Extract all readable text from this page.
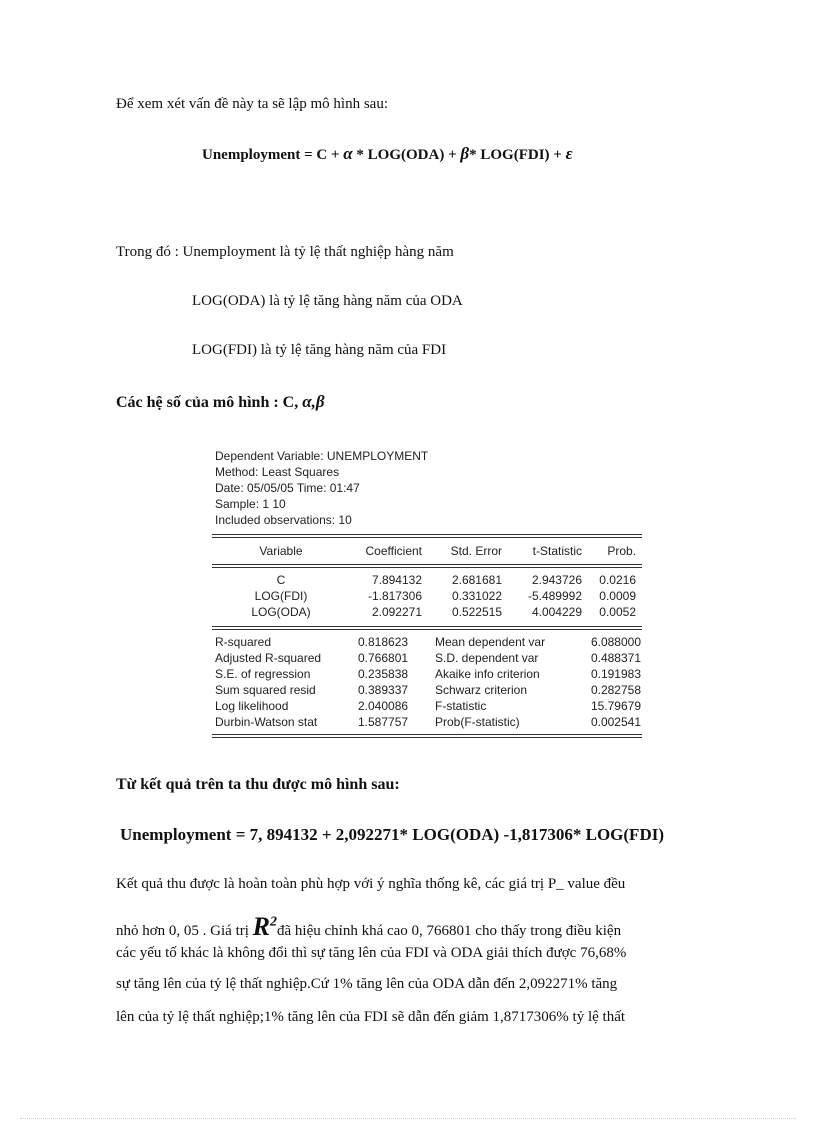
Để xem xét vấn đề này ta sẽ lập mô hình sau:
Unemployment = C + α * LOG(ODA) + β* LOG(FDI) + ε
Trong đó : Unemployment là tỷ lệ thất nghiệp hàng năm
LOG(ODA) là tỷ lệ tăng hàng năm của ODA
LOG(FDI) là tỷ lệ tăng hàng năm của FDI
Các hệ số của mô hình : C, α,β
Dependent Variable: UNEMPLOYMENT
Method: Least Squares
Date: 05/05/05 Time: 01:47
Sample: 1 10
Included observations: 10
Variable	Coefficient	Std. Error	t-Statistic	Prob.
C	7.894132	2.681681	2.943726	0.0216
LOG(FDI)	-1.817306	0.331022	-5.489992	0.0009
LOG(ODA)	2.092271	0.522515	4.004229	0.0052
R-squared	0.818623	Mean dependent var	6.088000
Adjusted R-squared	0.766801	S.D. dependent var	0.488371
S.E. of regression	0.235838	Akaike info criterion	0.191983
Sum squared resid	0.389337	Schwarz criterion	0.282758
Log likelihood	2.040086	F-statistic	15.79679
Durbin-Watson stat	1.587757	Prob(F-statistic)	0.002541
Từ kết quả trên ta thu được mô hình sau:
Unemployment = 7, 894132 + 2,092271* LOG(ODA) -1,817306* LOG(FDI)
Kết quả thu được là hoàn toàn phù hợp với ý nghĩa thống kê, các giá trị P_ value đều
nhỏ hơn 0, 05 . Giá trị $R^2đã$ hiệu chỉnh khá cao 0, 766801 cho thấy trong điều kiện
các yếu tố khác là không đổi thì sự tăng lên của FDI và ODA giải thích được 76,68%
sự tăng lên của tỷ lệ thất nghiệp.Cứ 1% tăng lên của ODA dẫn đến 2,092271% tăng
lên của tỷ lệ thất nghiệp;1% tăng lên của FDI sẽ dẫn đến giảm 1,8717306% tỷ lệ thất
